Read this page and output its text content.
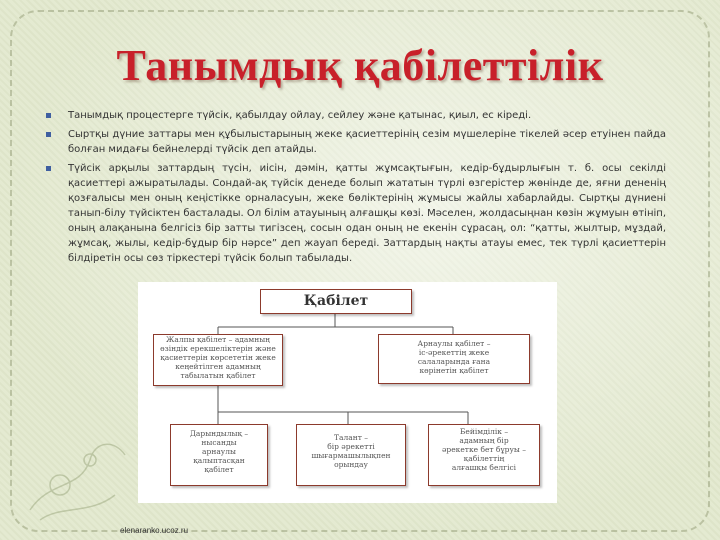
Танымдық қабілеттілік
Танымдық процестерге түйсік, қабылдау ойлау, сейлеу және қатынас, қиыл, ес кіреді.
Сыртқы дүние заттары мен құбылыстарының жеке қасиеттерінің сезім мүшелеріне тікелей әсер етуінен пайда болған мидағы бейнелерді түйсік деп атайды.
Түйсік арқылы заттардың түсін, иісін, дәмін, қатты жұмсақтығын, кедір-бұдырлығын т. б. осы секілді қасиеттері ажыратылады. Сондай-ақ түйсік денеде болып жататын түрлі өзгерістер жөнінде де, яғни дененің қозғалысы мен оның кеңістікке орналасуын, жеке бөліктерінің жұмысы жайлы хабарлайды. Сыртқы дүниені танып-білу түйсіктен басталады. Ол білім атауының алғашқы көзі. Мәселен, жолдасыңнан көзін жұмуын өтініп, оның алақанына белгісіз бір затты тигізсең, сосын одан оның не екенін сұрасаң, ол: “қатты, жылтыр, мұздай, жұмсақ, жылы, кедір-бұдыр бір нәрсе” деп жауап береді. Заттардың нақты атауы емес, тек түрлі қасиеттерін білдіретін осы сөз тіркестері түйсік болып табылады.
Қабілет
Жалпы қабілет – адамның
өзіндік ерекшеліктерін және
қасиеттерін көрсететін жеке
кеңейтілген адамның
табылатын қабілет
Арнаулы қабілет –
іс-әрекеттің жеке
салаларында ғана
көрінетін қабілет
Дарындылық –
нысанды
арнаулы
қалыптасқан
қабілет
Талант –
бір әрекетті
шығармашылықпен
орындау
Бейімділік –
адамның бір
әрекетке бет бұруы –
қабілеттің
алғашқы белгісі
elenaranko.ucoz.ru
